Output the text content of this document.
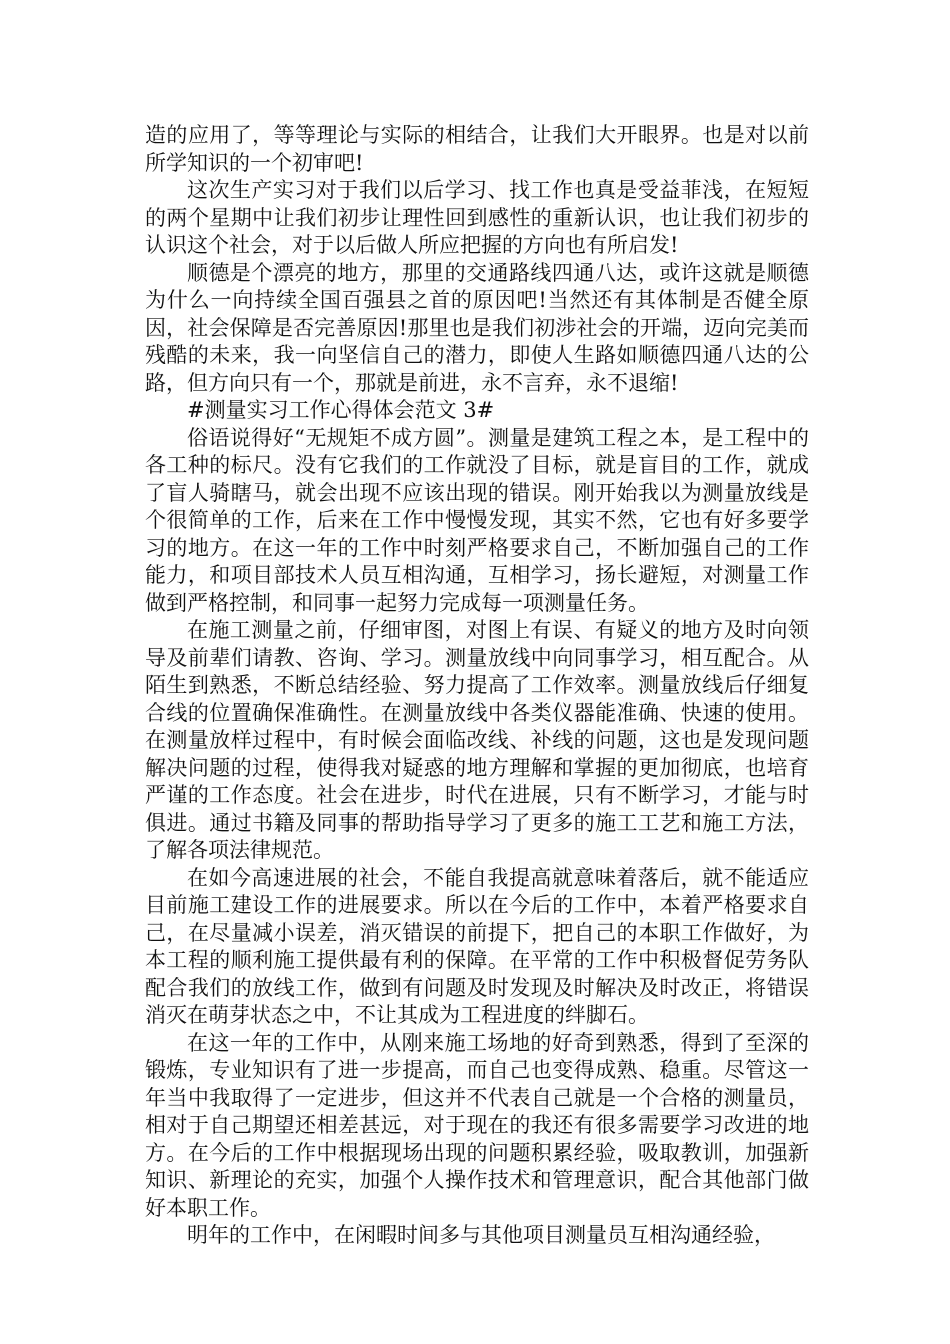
造的应用了，等等理论与实际的相结合，让我们大开眼界。也是对以前所学知识的一个初审吧!

这次生产实习对于我们以后学习、找工作也真是受益菲浅，在短短的两个星期中让我们初步让理性回到感性的重新认识，也让我们初步的认识这个社会，对于以后做人所应把握的方向也有所启发!

顺德是个漂亮的地方，那里的交通路线四通八达，或许这就是顺德为什么一向持续全国百强县之首的原因吧!当然还有其体制是否健全原因，社会保障是否完善原因!那里也是我们初涉社会的开端，迈向完美而残酷的未来，我一向坚信自己的潜力，即使人生路如顺德四通八达的公路，但方向只有一个，那就是前进，永不言弃，永不退缩!

#测量实习工作心得体会范文 3#

俗语说得好“无规矩不成方圆”。测量是建筑工程之本，是工程中的各工种的标尺。没有它我们的工作就没了目标，就是盲目的工作，就成了盲人骑瞎马，就会出现不应该出现的错误。刚开始我以为测量放线是个很简单的工作，后来在工作中慢慢发现，其实不然，它也有好多要学习的地方。在这一年的工作中时刻严格要求自己，不断加强自己的工作能力，和项目部技术人员互相沟通，互相学习，扬长避短，对测量工作做到严格控制，和同事一起努力完成每一项测量任务。

在施工测量之前，仔细审图，对图上有误、有疑义的地方及时向领导及前辈们请教、咨询、学习。测量放线中向同事学习，相互配合。从陌生到熟悉，不断总结经验、努力提高了工作效率。测量放线后仔细复合线的位置确保准确性。在测量放线中各类仪器能准确、快速的使用。在测量放样过程中，有时候会面临改线、补线的问题，这也是发现问题解决问题的过程，使得我对疑惑的地方理解和掌握的更加彻底，也培育严谨的工作态度。社会在进步，时代在进展，只有不断学习，才能与时俱进。通过书籍及同事的帮助指导学习了更多的施工工艺和施工方法，了解各项法律规范。

在如今高速进展的社会，不能自我提高就意味着落后，就不能适应目前施工建设工作的进展要求。所以在今后的工作中，本着严格要求自己，在尽量减小误差，消灭错误的前提下，把自己的本职工作做好，为本工程的顺利施工提供最有利的保障。在平常的工作中积极督促劳务队配合我们的放线工作，做到有问题及时发现及时解决及时改正，将错误消灭在萌芽状态之中，不让其成为工程进度的绊脚石。

在这一年的工作中，从刚来施工场地的好奇到熟悉，得到了至深的锻炼，专业知识有了进一步提高，而自己也变得成熟、稳重。尽管这一年当中我取得了一定进步，但这并不代表自己就是一个合格的测量员，相对于自己期望还相差甚远，对于现在的我还有很多需要学习改进的地方。在今后的工作中根据现场出现的问题积累经验，吸取教训，加强新知识、新理论的充实，加强个人操作技术和管理意识，配合其他部门做好本职工作。

明年的工作中，在闲暇时间多与其他项目测量员互相沟通经验，
